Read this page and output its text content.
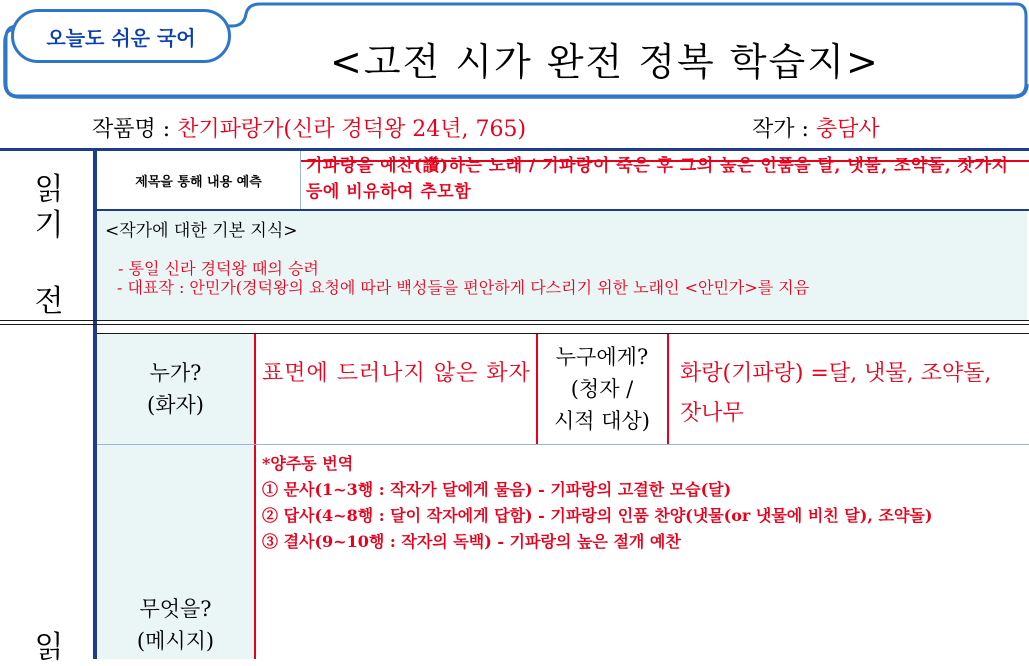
오늘도 쉬운 국어
<고전 시가 완전 정복 학습지>
작품명 : 찬기파랑가(신라 경덕왕 24년, 765)	작가 : 충담사
읽
기
전
제목을 통해 내용 예측
기파랑을 예찬(讚)하는 노래 / 기파랑이 죽은 후 그의 높은 인품을 달, 냇물, 조약돌, 잣가지 등에 비유하여 추모함
<작가에 대한 기본 지식>
- 통일 신라 경덕왕 때의 승려
- 대표작 : 안민가(경덕왕의 요청에 따라 백성들을 편안하게 다스리기 위한 노래인 <안민가>를 지음
읽
누가?
(화자)
표면에 드러나지 않은 화자
누구에게?
(청자 /
시적 대상)
화랑(기파랑) =달, 냇물, 조약돌, 잣나무
무엇을?
(메시지)
*양주동 번역
① 문사(1~3행 : 작자가 달에게 물음) - 기파랑의 고결한 모습(달)
② 답사(4~8행 : 달이 작자에게 답함) - 기파랑의 인품 찬양(냇물(or 냇물에 비친 달), 조약돌)
③ 결사(9~10행 : 작자의 독백) - 기파랑의 높은 절개 예찬
